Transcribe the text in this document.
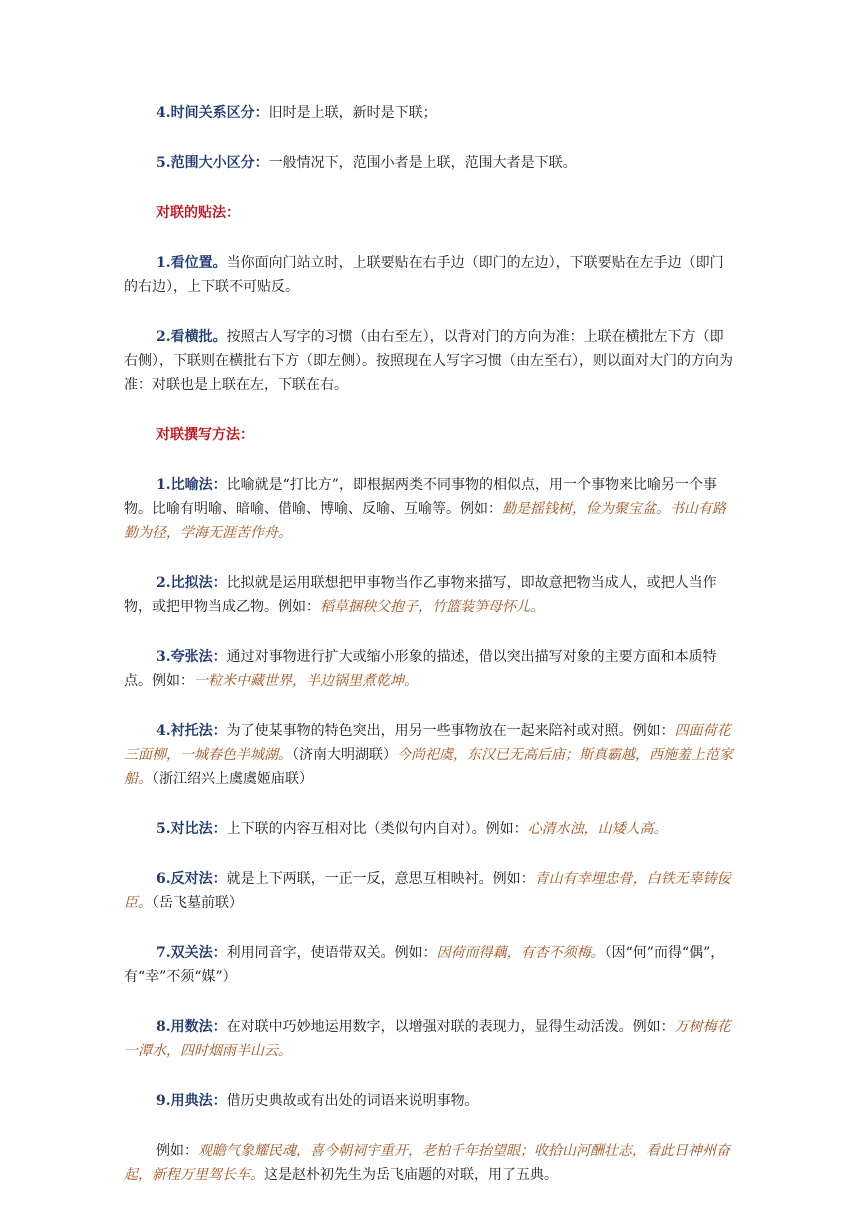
4.时间关系区分：旧时是上联，新时是下联；

5.范围大小区分：一般情况下，范围小者是上联，范围大者是下联。

对联的贴法：

1.看位置。当你面向门站立时，上联要贴在右手边（即门的左边），下联要贴在左手边（即门的右边），上下联不可贴反。

2.看横批。按照古人写字的习惯（由右至左），以背对门的方向为准：上联在横批左下方（即右侧），下联则在横批右下方（即左侧）。按照现在人写字习惯（由左至右），则以面对大门的方向为准：对联也是上联在左，下联在右。

对联撰写方法：

1.比喻法：比喻就是“打比方”，即根据两类不同事物的相似点，用一个事物来比喻另一个事物。比喻有明喻、暗喻、借喻、博喻、反喻、互喻等。例如：勤是摇钱树，俭为聚宝盆。书山有路勤为径，学海无涯苦作舟。

2.比拟法：比拟就是运用联想把甲事物当作乙事物来描写，即故意把物当成人，或把人当作物，或把甲物当成乙物。例如：稻草捆秧父抱子，竹篮装笋母怀儿。

3.夸张法：通过对事物进行扩大或缩小形象的描述，借以突出描写对象的主要方面和本质特点。例如：一粒米中藏世界，半边锅里煮乾坤。

4.衬托法：为了使某事物的特色突出，用另一些事物放在一起来陪衬或对照。例如：四面荷花三面柳，一城春色半城湖。（济南大明湖联）今尚祀虞，东汉已无高后庙；斯真霸越，西施羞上范家船。（浙江绍兴上虞虞姬庙联）

5.对比法：上下联的内容互相对比（类似句内自对）。例如：心清水浊，山矮人高。

6.反对法：就是上下两联，一正一反，意思互相映衬。例如：青山有幸埋忠骨，白铁无辜铸佞臣。（岳飞墓前联）

7.双关法：利用同音字，使语带双关。例如：因荷而得藕，有杏不须梅。（因“何”而得“偶”，有“幸”不须“媒”）

8.用数法：在对联中巧妙地运用数字，以增强对联的表现力，显得生动活泼。例如：万树梅花一潭水，四时烟雨半山云。

9.用典法：借历史典故或有出处的词语来说明事物。

例如：观瞻气象耀民魂，喜今朝祠宇重开，老柏千年抬望眼；收拾山河酬壮志，看此日神州奋起，新程万里驾长车。这是赵朴初先生为岳飞庙题的对联，用了五典。
